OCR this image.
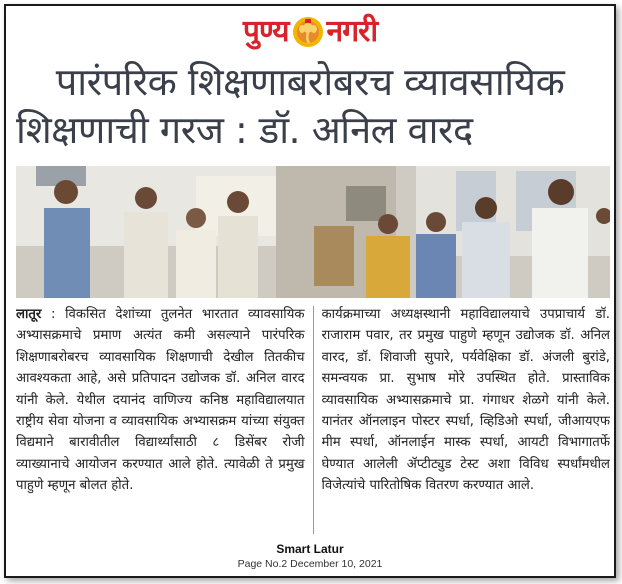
पुण्य नगरी
पारंपरिक शिक्षणाबरोबरच व्यावसायिक
शिक्षणाची गरज : डॉ. अनिल वारद

लातूर : विकसित देशांच्या तुलनेत भारतात व्यावसायिक अभ्यासक्रमाचे प्रमाण अत्यंत कमी असल्याने पारंपरिक शिक्षणाबरोबरच व्यावसायिक शिक्षणाची देखील तितकीच आवश्यकता आहे, असे प्रतिपादन उद्योजक डॉ. अनिल वारद यांनी केले. येथील दयानंद वाणिज्य कनिष्ठ महाविद्यालयात राष्ट्रीय सेवा योजना व व्यावसायिक अभ्यासक्रम यांच्या संयुक्त विद्यमाने बारावीतील विद्यार्थ्यांसाठी ८ डिसेंबर रोजी व्याख्यानाचे आयोजन करण्यात आले होते. त्यावेळी ते प्रमुख पाहुणे म्हणून बोलत होते.

कार्यक्रमाच्या अध्यक्षस्थानी महाविद्यालयाचे उपप्राचार्य डॉ. राजाराम पवार, तर प्रमुख पाहुणे म्हणून उद्योजक डॉ. अनिल वारद, डॉ. शिवाजी सुपारे, पर्यवेक्षिका डॉ. अंजली बुरांडे, समन्वयक प्रा. सुभाष मोरे उपस्थित होते. प्रास्ताविक व्यावसायिक अभ्यासक्रमाचे प्रा. गंगाधर शेळगे यांनी केले. यानंतर ऑनलाइन पोस्टर स्पर्धा, व्हिडिओ स्पर्धा, जीआयएफ मीम स्पर्धा, ऑनलाईन मास्क स्पर्धा, आयटी विभागातर्फे घेण्यात आलेली ॲप्टीट्युड टेस्ट अशा विविध स्पर्धांमधील विजेत्यांचे पारितोषिक वितरण करण्यात आले.

Smart Latur
Page No.2 December 10, 2021
